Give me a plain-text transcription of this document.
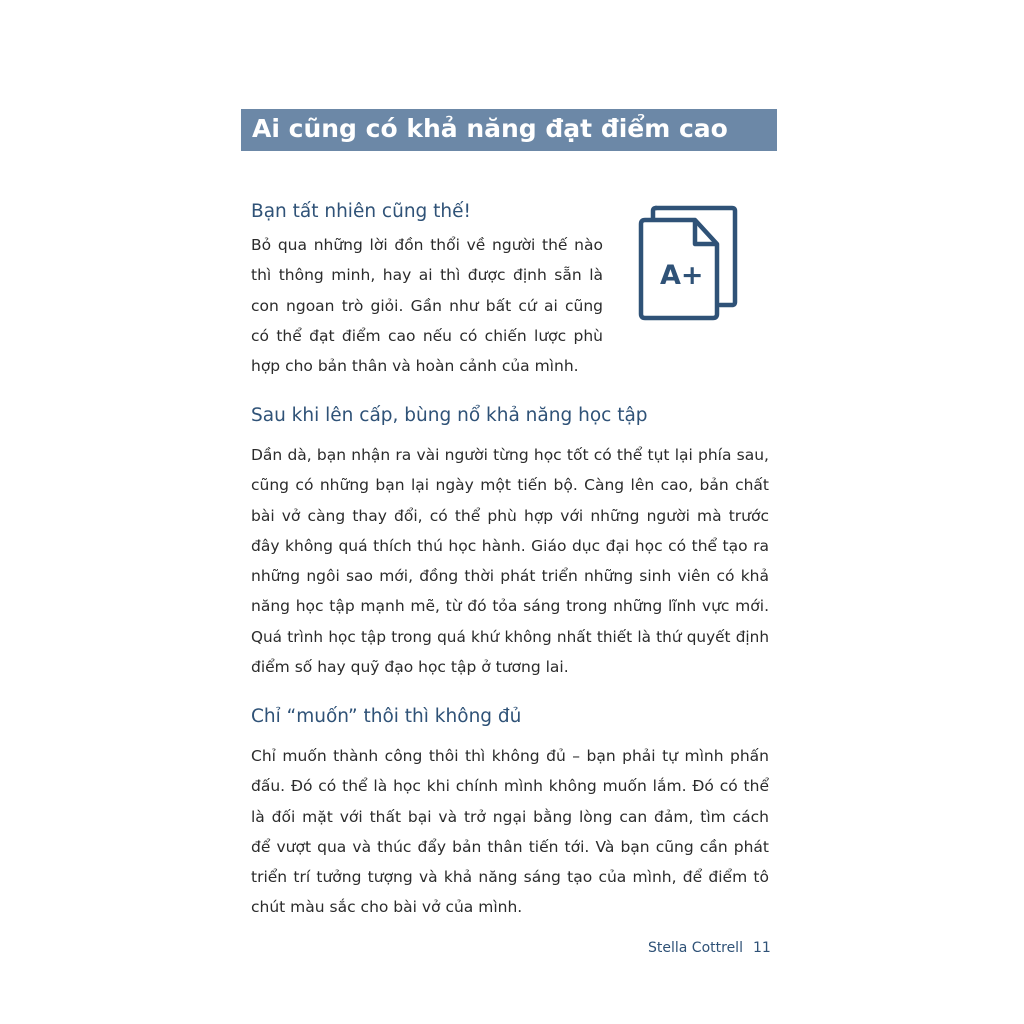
Ai cũng có khả năng đạt điểm cao
Bạn tất nhiên cũng thế!
Bỏ qua những lời đồn thổi về người thế nào
thì thông minh, hay ai thì được định sẵn là
con ngoan trò giỏi. Gần như bất cứ ai cũng
có thể đạt điểm cao nếu có chiến lược phù
hợp cho bản thân và hoàn cảnh của mình.
A+
Sau khi lên cấp, bùng nổ khả năng học tập
Dần dà, bạn nhận ra vài người từng học tốt có thể tụt lại phía sau,
cũng có những bạn lại ngày một tiến bộ. Càng lên cao, bản chất
bài vở càng thay đổi, có thể phù hợp với những người mà trước
đây không quá thích thú học hành. Giáo dục đại học có thể tạo ra
những ngôi sao mới, đồng thời phát triển những sinh viên có khả
năng học tập mạnh mẽ, từ đó tỏa sáng trong những lĩnh vực mới.
Quá trình học tập trong quá khứ không nhất thiết là thứ quyết định
điểm số hay quỹ đạo học tập ở tương lai.
Chỉ “muốn” thôi thì không đủ
Chỉ muốn thành công thôi thì không đủ – bạn phải tự mình phấn
đấu. Đó có thể là học khi chính mình không muốn lắm. Đó có thể
là đối mặt với thất bại và trở ngại bằng lòng can đảm, tìm cách
để vượt qua và thúc đẩy bản thân tiến tới. Và bạn cũng cần phát
triển trí tưởng tượng và khả năng sáng tạo của mình, để điểm tô
chút màu sắc cho bài vở của mình.
Stella Cottrell 11
